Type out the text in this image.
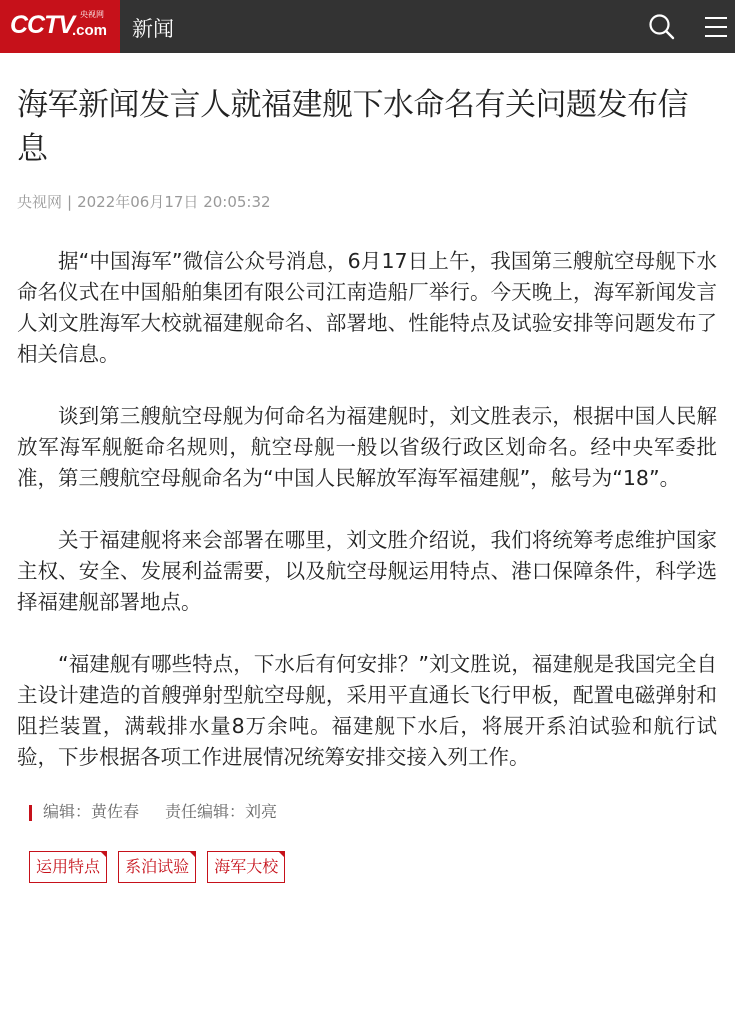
CCTV 央视网
.com 新闻
海军新闻发言人就福建舰下水命名有关问题发布信息
央视网 | 2022年06月17日 20:05:32

据“中国海军”微信公众号消息，6月17日上午，我国第三艘航空母舰下水命名仪式在中国船舶集团有限公司江南造船厂举行。今天晚上，海军新闻发言人刘文胜海军大校就福建舰命名、部署地、性能特点及试验安排等问题发布了相关信息。

谈到第三艘航空母舰为何命名为福建舰时，刘文胜表示，根据中国人民解放军海军舰艇命名规则，航空母舰一般以省级行政区划命名。经中央军委批准，第三艘航空母舰命名为“中国人民解放军海军福建舰”，舷号为“18”。

关于福建舰将来会部署在哪里，刘文胜介绍说，我们将统筹考虑维护国家主权、安全、发展利益需要，以及航空母舰运用特点、港口保障条件，科学选择福建舰部署地点。

“福建舰有哪些特点，下水后有何安排？”刘文胜说，福建舰是我国完全自主设计建造的首艘弹射型航空母舰，采用平直通长飞行甲板，配置电磁弹射和阻拦装置，满载排水量8万余吨。福建舰下水后，将展开系泊试验和航行试验，下步根据各项工作进展情况统筹安排交接入列工作。

编辑：黄佐春 责任编辑：刘亮
运用特点 系泊试验 海军大校
